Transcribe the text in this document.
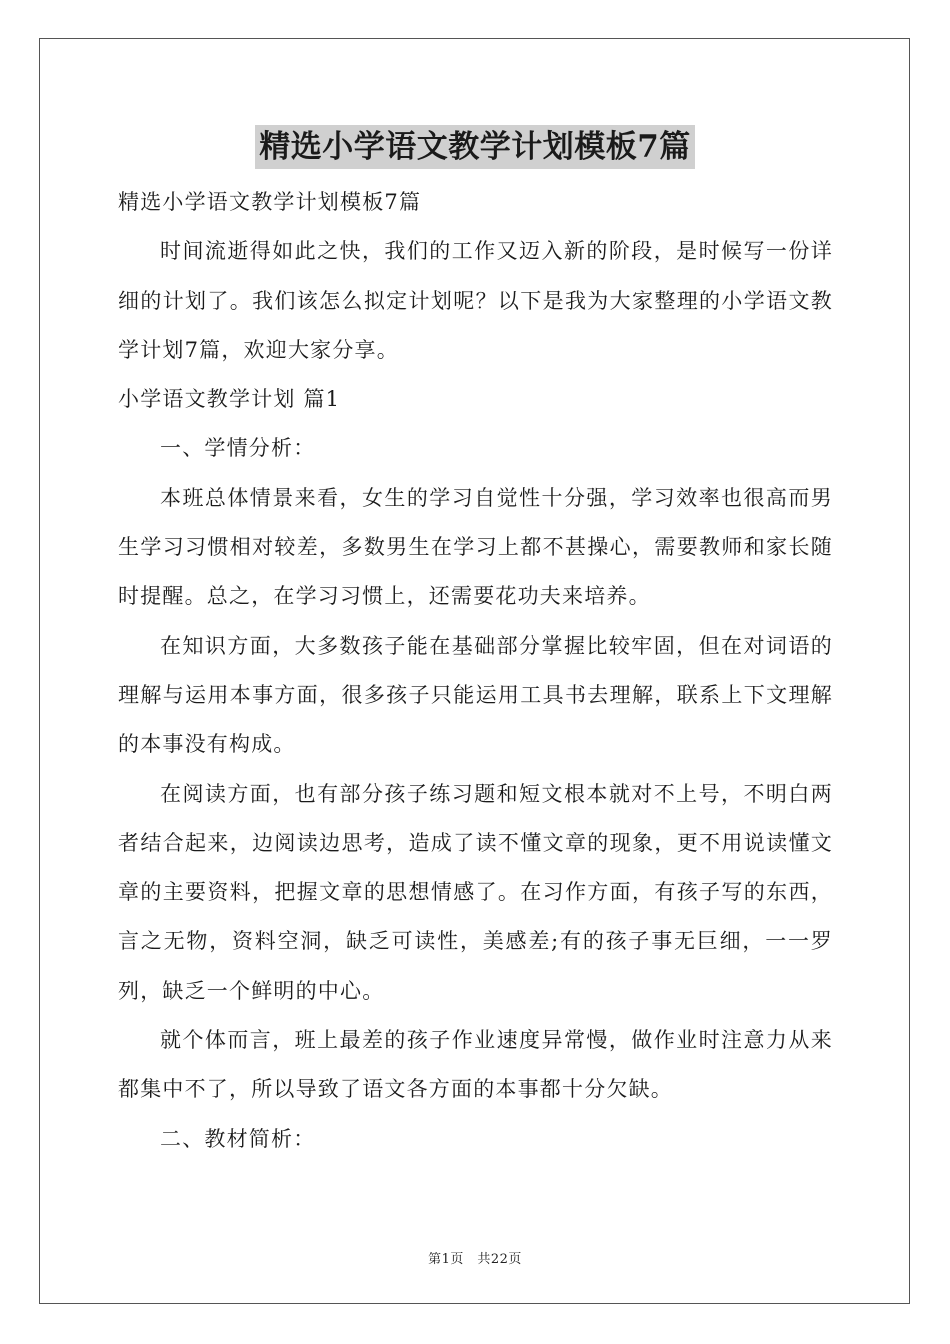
精选小学语文教学计划模板7篇

精选小学语文教学计划模板7篇

时间流逝得如此之快，我们的工作又迈入新的阶段，是时候写一份详细的计划了。我们该怎么拟定计划呢？以下是我为大家整理的小学语文教学计划7篇，欢迎大家分享。

小学语文教学计划 篇1

一、学情分析：

本班总体情景来看，女生的学习自觉性十分强，学习效率也很高而男生学习习惯相对较差，多数男生在学习上都不甚操心，需要教师和家长随时提醒。总之，在学习习惯上，还需要花功夫来培养。

在知识方面，大多数孩子能在基础部分掌握比较牢固，但在对词语的理解与运用本事方面，很多孩子只能运用工具书去理解，联系上下文理解的本事没有构成。

在阅读方面，也有部分孩子练习题和短文根本就对不上号，不明白两者结合起来，边阅读边思考，造成了读不懂文章的现象，更不用说读懂文章的主要资料，把握文章的思想情感了。在习作方面，有孩子写的东西，言之无物，资料空洞，缺乏可读性，美感差;有的孩子事无巨细，一一罗列，缺乏一个鲜明的中心。

就个体而言，班上最差的孩子作业速度异常慢，做作业时注意力从来都集中不了，所以导致了语文各方面的本事都十分欠缺。

二、教材简析：

第1页　共22页
